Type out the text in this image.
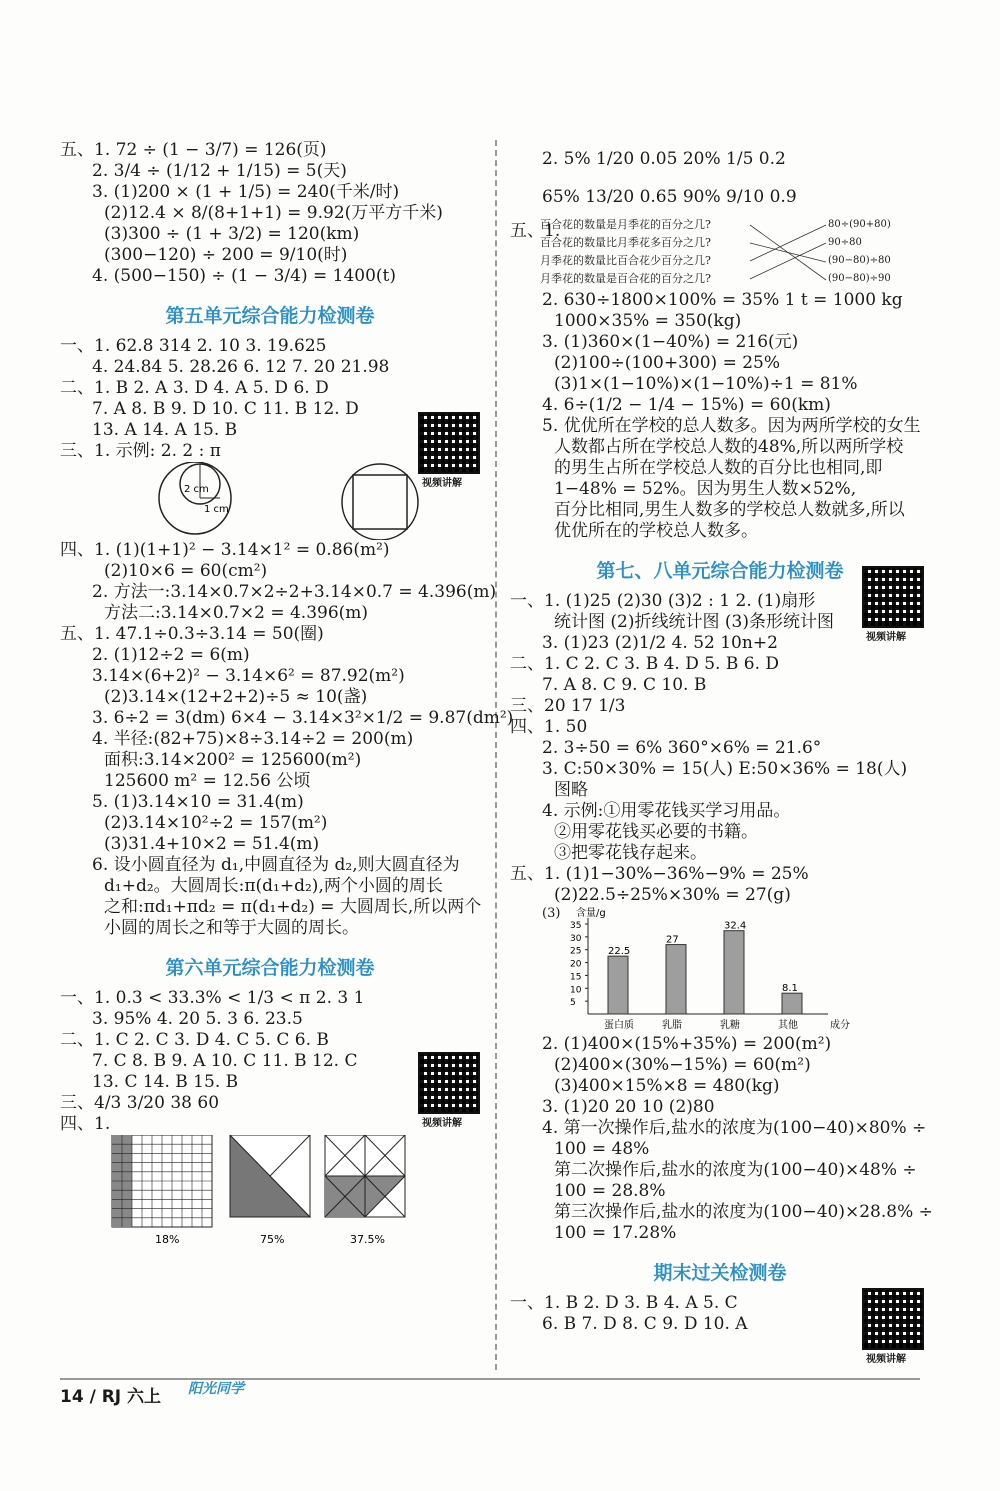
五、1. 72 ÷ (1 − 3/7) = 126(页)

2. 3/4 ÷ (1/12 + 1/15) = 5(天)

3. (1)200 × (1 + 1/5) = 240(千米/时)

(2)12.4 × 8/(8+1+1) = 9.92(万平方千米)

(3)300 ÷ (1 + 3/2) = 120(km)

(300−120) ÷ 200 = 9/10(时)

4. (500−150) ÷ (1 − 3/4) = 1400(t)

第五单元综合能力检测卷

一、1. 62.8 314 2. 10 3. 19.625

4. 24.84 5. 28.26 6. 12 7. 20 21.98

二、1. B 2. A 3. D 4. A 5. D 6. D

7. A 8. B 9. D 10. C 11. B 12. D

13. A 14. A 15. B

三、1. 示例: 2. 2 : π

2 cm
1 cm

四、1. (1)(1+1)² − 3.14×1² = 0.86(m²)

(2)10×6 = 60(cm²)

2. 方法一:3.14×0.7×2÷2+3.14×0.7 = 4.396(m)

方法二:3.14×0.7×2 = 4.396(m)

五、1. 47.1÷0.3÷3.14 = 50(圈)

2. (1)12÷2 = 6(m)

3.14×(6+2)² − 3.14×6² = 87.92(m²)

(2)3.14×(12+2+2)÷5 ≈ 10(盏)

3. 6÷2 = 3(dm) 6×4 − 3.14×3²×1/2 = 9.87(dm²)

4. 半径:(82+75)×8÷3.14÷2 = 200(m)

面积:3.14×200² = 125600(m²)

125600 m² = 12.56 公顷

5. (1)3.14×10 = 31.4(m)

(2)3.14×10²÷2 = 157(m²)

(3)31.4+10×2 = 51.4(m)

6. 设小圆直径为 d₁,中圆直径为 d₂,则大圆直径为

d₁+d₂。大圆周长:π(d₁+d₂),两个小圆的周长

之和:πd₁+πd₂ = π(d₁+d₂) = 大圆周长,所以两个

小圆的周长之和等于大圆的周长。

第六单元综合能力检测卷

一、1. 0.3 < 33.3% < 1/3 < π 2. 3 1

3. 95% 4. 20 5. 3 6. 23.5

二、1. C 2. C 3. D 4. C 5. C 6. B

7. C 8. B 9. A 10. C 11. B 12. C

13. C 14. B 15. B

三、4/3 3/20 38 60

四、1.

18%	75%	37.5%

2. 5% 1/20 0.05 20% 1/5 0.2

65% 13/20 0.65 90% 9/10 0.9

五、1.
百合花的数量是月季花的百分之几?
百合花的数量比月季花多百分之几?
月季花的数量比百合花少百分之几?
月季花的数量是百合花的百分之几?
80÷(90+80)
90÷80
(90−80)÷80
(90−80)÷90

2. 630÷1800×100% = 35% 1 t = 1000 kg

1000×35% = 350(kg)

3. (1)360×(1−40%) = 216(元)

(2)100÷(100+300) = 25%

(3)1×(1−10%)×(1−10%)÷1 = 81%

4. 6÷(1/2 − 1/4 − 15%) = 60(km)

5. 优优所在学校的总人数多。因为两所学校的女生

人数都占所在学校总人数的48%,所以两所学校

的男生占所在学校总人数的百分比也相同,即

1−48% = 52%。因为男生人数×52%,

百分比相同,男生人数多的学校总人数就多,所以

优优所在的学校总人数多。

第七、八单元综合能力检测卷

一、1. (1)25 (2)30 (3)2 : 1 2. (1)扇形

统计图 (2)折线统计图 (3)条形统计图

3. (1)23 (2)1/2 4. 52 10n+2

二、1. C 2. C 3. B 4. D 5. B 6. D

7. A 8. C 9. C 10. B

三、20 17 1/3

四、1. 50

2. 3÷50 = 6% 360°×6% = 21.6°

3. C:50×30% = 15(人) E:50×36% = 18(人)

图略

4. 示例:①用零花钱买学习用品。

②用零花钱买必要的书籍。

③把零花钱存起来。

五、1. (1)1−30%−36%−9% = 25%

(2)22.5÷25%×30% = 27(g)

(3) 含量/g
5
10
15
20
25
30
35
22.5
蛋白质
27
乳脂
32.4
乳糖
8.1
其他	成分

2. (1)400×(15%+35%) = 200(m²)

(2)400×(30%−15%) = 60(m²)

(3)400×15%×8 = 480(kg)

3. (1)20 20 10 (2)80

4. 第一次操作后,盐水的浓度为(100−40)×80% ÷

100 = 48%

第二次操作后,盐水的浓度为(100−40)×48% ÷

100 = 28.8%

第三次操作后,盐水的浓度为(100−40)×28.8% ÷

100 = 17.28%

期末过关检测卷

一、1. B 2. D 3. B 4. A 5. C

6. B 7. D 8. C 9. D 10. A

视频讲解
视频讲解
视频讲解
视频讲解
14 / RJ 六上 阳光同学
